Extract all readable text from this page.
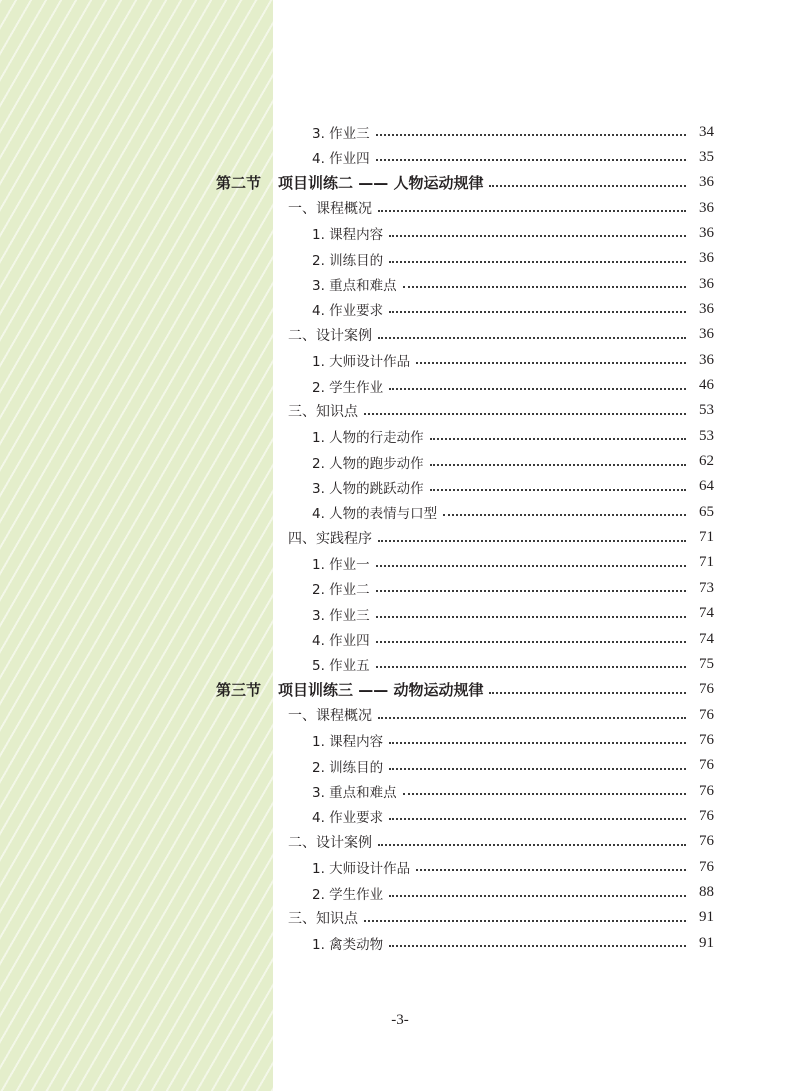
3. 作业三	34
4. 作业四	35
第二节 项目训练二 —— 人物运动规律	36
一、课程概况	36
1. 课程内容	36
2. 训练目的	36
3. 重点和难点	36
4. 作业要求	36
二、设计案例	36
1. 大师设计作品	36
2. 学生作业	46
三、知识点	53
1. 人物的行走动作	53
2. 人物的跑步动作	62
3. 人物的跳跃动作	64
4. 人物的表情与口型	65
四、实践程序	71
1. 作业一	71
2. 作业二	73
3. 作业三	74
4. 作业四	74
5. 作业五	75
第三节 项目训练三 —— 动物运动规律	76
一、课程概况	76
1. 课程内容	76
2. 训练目的	76
3. 重点和难点	76
4. 作业要求	76
二、设计案例	76
1. 大师设计作品	76
2. 学生作业	88
三、知识点	91
1. 禽类动物	91
-3-
